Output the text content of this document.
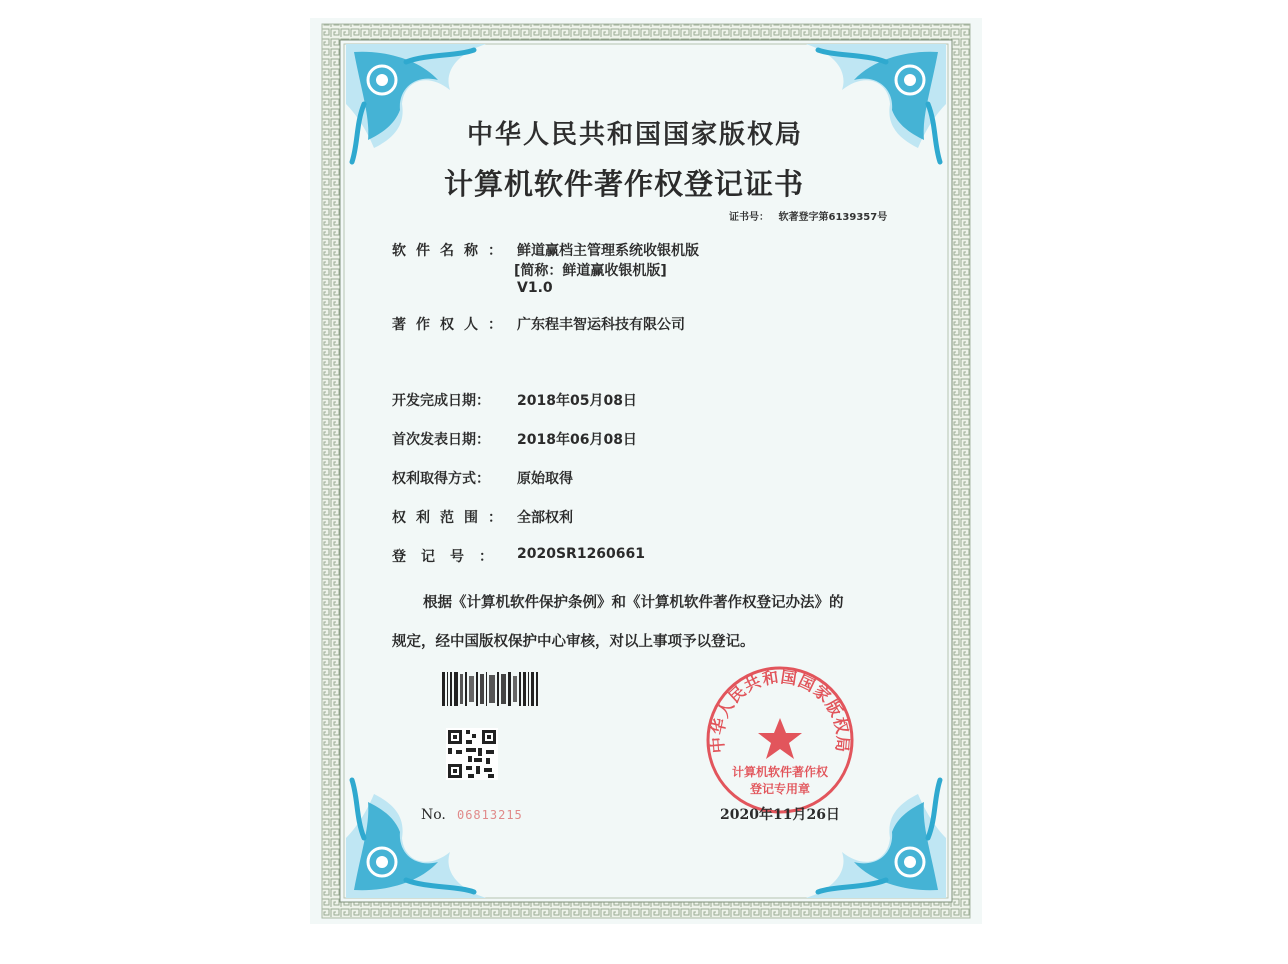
中华人民共和国国家版权局
中华人民共和国国家版权局
计算机软件著作权登记证书
证书号： 软著登字第6139357号
软件名称： 鲜道赢档主管理系统收银机版
[简称：鲜道赢收银机版]
V1.0
著作权人： 广东程丰智运科技有限公司
开发完成日期： 2018年05月08日
首次发表日期： 2018年06月08日
权利取得方式： 原始取得
权利范围： 全部权利
登记号： 2020SR1260661
根据《计算机软件保护条例》和《计算机软件著作权登记办法》的
规定，经中国版权保护中心审核，对以上事项予以登记。
计算机软件著作权
登记专用章
No. 06813215	2020年11月26日
